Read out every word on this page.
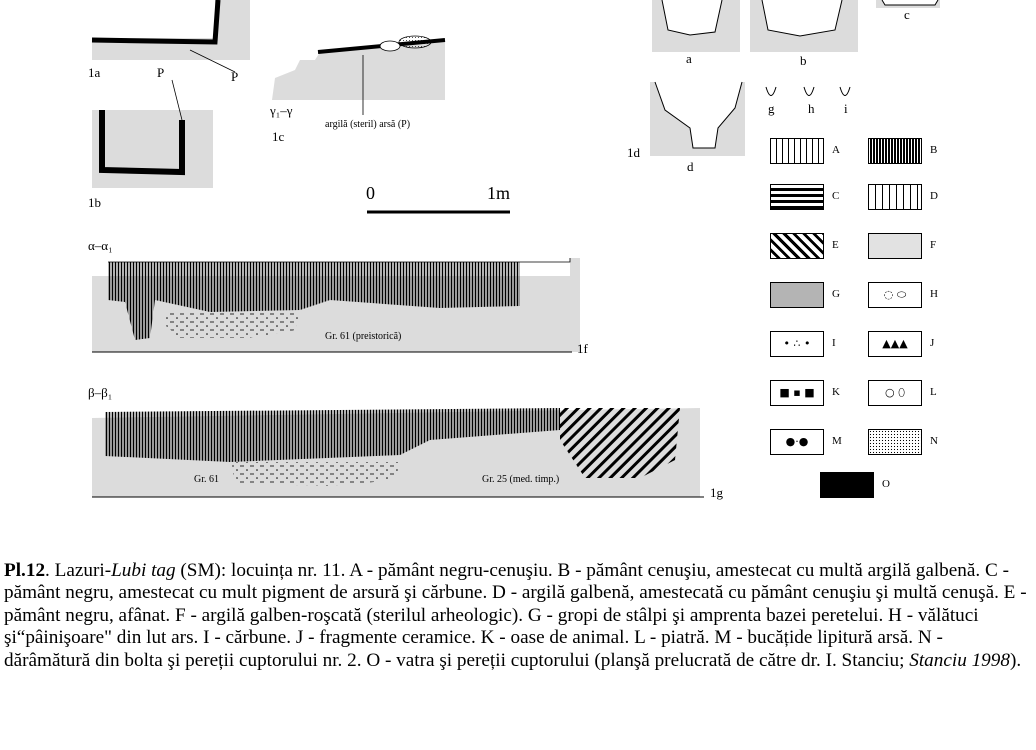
1a	P	P
1b
γ₁–γ
argilă (steril) arsă (P)
1c
0	1m
a	b
c
1d
d
g	h i
α–α₁
Gr. 61 (preistorică)
1f
β–β₁
Gr. 61	Gr. 25 (med. timp.)
1g
A	B
C	D
E	F
G	◌ ⬭	H
• ∴ •	I	▲▲▲	J
■ ▪ ■	K	○ ⬯	L
●·●	M	N
O
Pl.12. Lazuri-Lubi tag (SM): locuința nr. 11. A - pământ negru-cenuşiu. B - pământ cenuşiu, amestecat cu multă argilă galbenă. C - pământ negru, amestecat cu mult pigment de arsură şi cărbune. D - argilă galbenă, amestecată cu pământ cenuşiu şi multă cenuşă. E - pământ negru, afânat. F - argilă galben-roşcată (sterilul arheologic). G - gropi de stâlpi şi amprenta bazei peretelui. H - vălătuci şi“pâinişoare" din lut ars. I - cărbune. J - fragmente ceramice. K - oase de animal. L - piatră. M - bucățide lipitură arsă. N - dărâmătură din bolta şi pereții cuptorului nr. 2. O - vatra şi pereții cuptorului (planşă prelucrată de către dr. I. Stanciu; Stanciu 1998).
